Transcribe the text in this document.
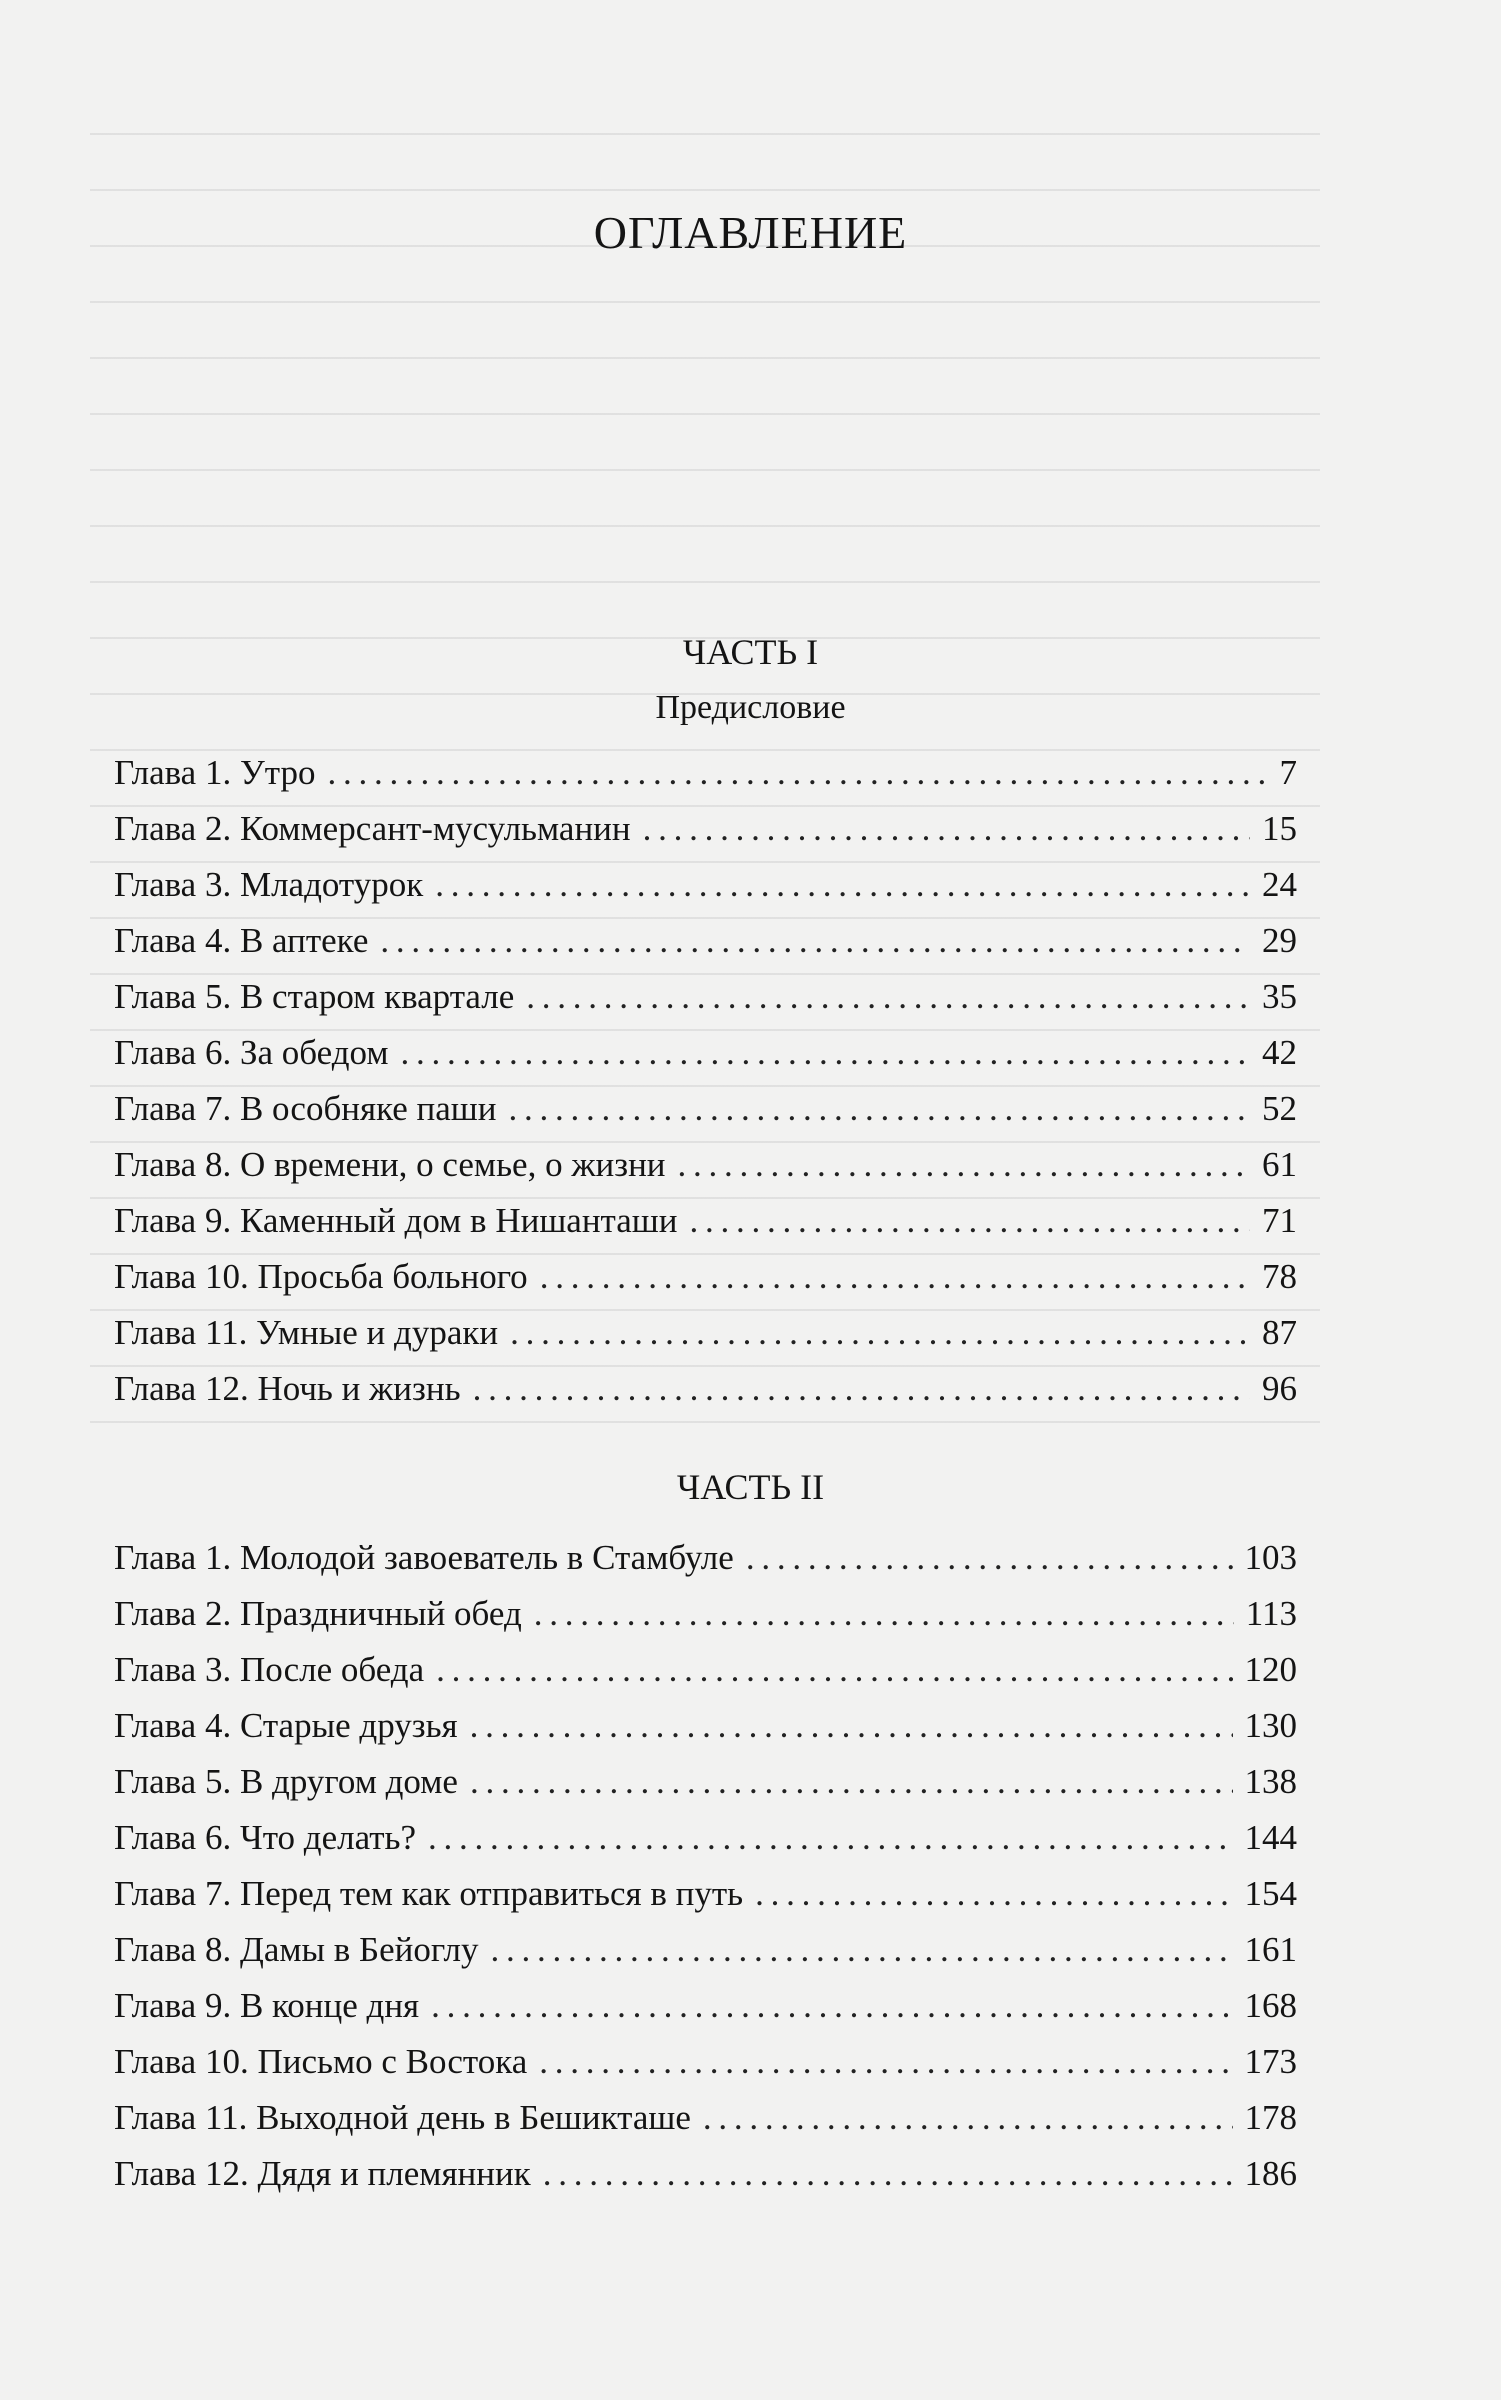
ОГЛАВЛЕНИЕ
ЧАСТЬ I
Предисловие
Глава 1. Утро . . .	7
Глава 2. Коммерсант-мусульманин . . .	15
Глава 3. Младотурок . . .	24
Глава 4. В аптеке . . .	29
Глава 5. В старом квартале . . .	35
Глава 6. За обедом . . .	42
Глава 7. В особняке паши . . .	52
Глава 8. О времени, о семье, о жизни . . .	61
Глава 9. Каменный дом в Нишанташи . . .	71
Глава 10. Просьба больного . . .	78
Глава 11. Умные и дураки . . .	87
Глава 12. Ночь и жизнь . . .	96
ЧАСТЬ II
Глава 1. Молодой завоеватель в Стамбуле . . .	103
Глава 2. Праздничный обед . . .	113
Глава 3. После обеда . . .	120
Глава 4. Старые друзья . . .	130
Глава 5. В другом доме . . .	138
Глава 6. Что делать? . . .	144
Глава 7. Перед тем как отправиться в путь . . .	154
Глава 8. Дамы в Бейоглу . . .	161
Глава 9. В конце дня . . .	168
Глава 10. Письмо с Востока . . .	173
Глава 11. Выходной день в Бешикташе . . .	178
Глава 12. Дядя и племянник . . .	186
